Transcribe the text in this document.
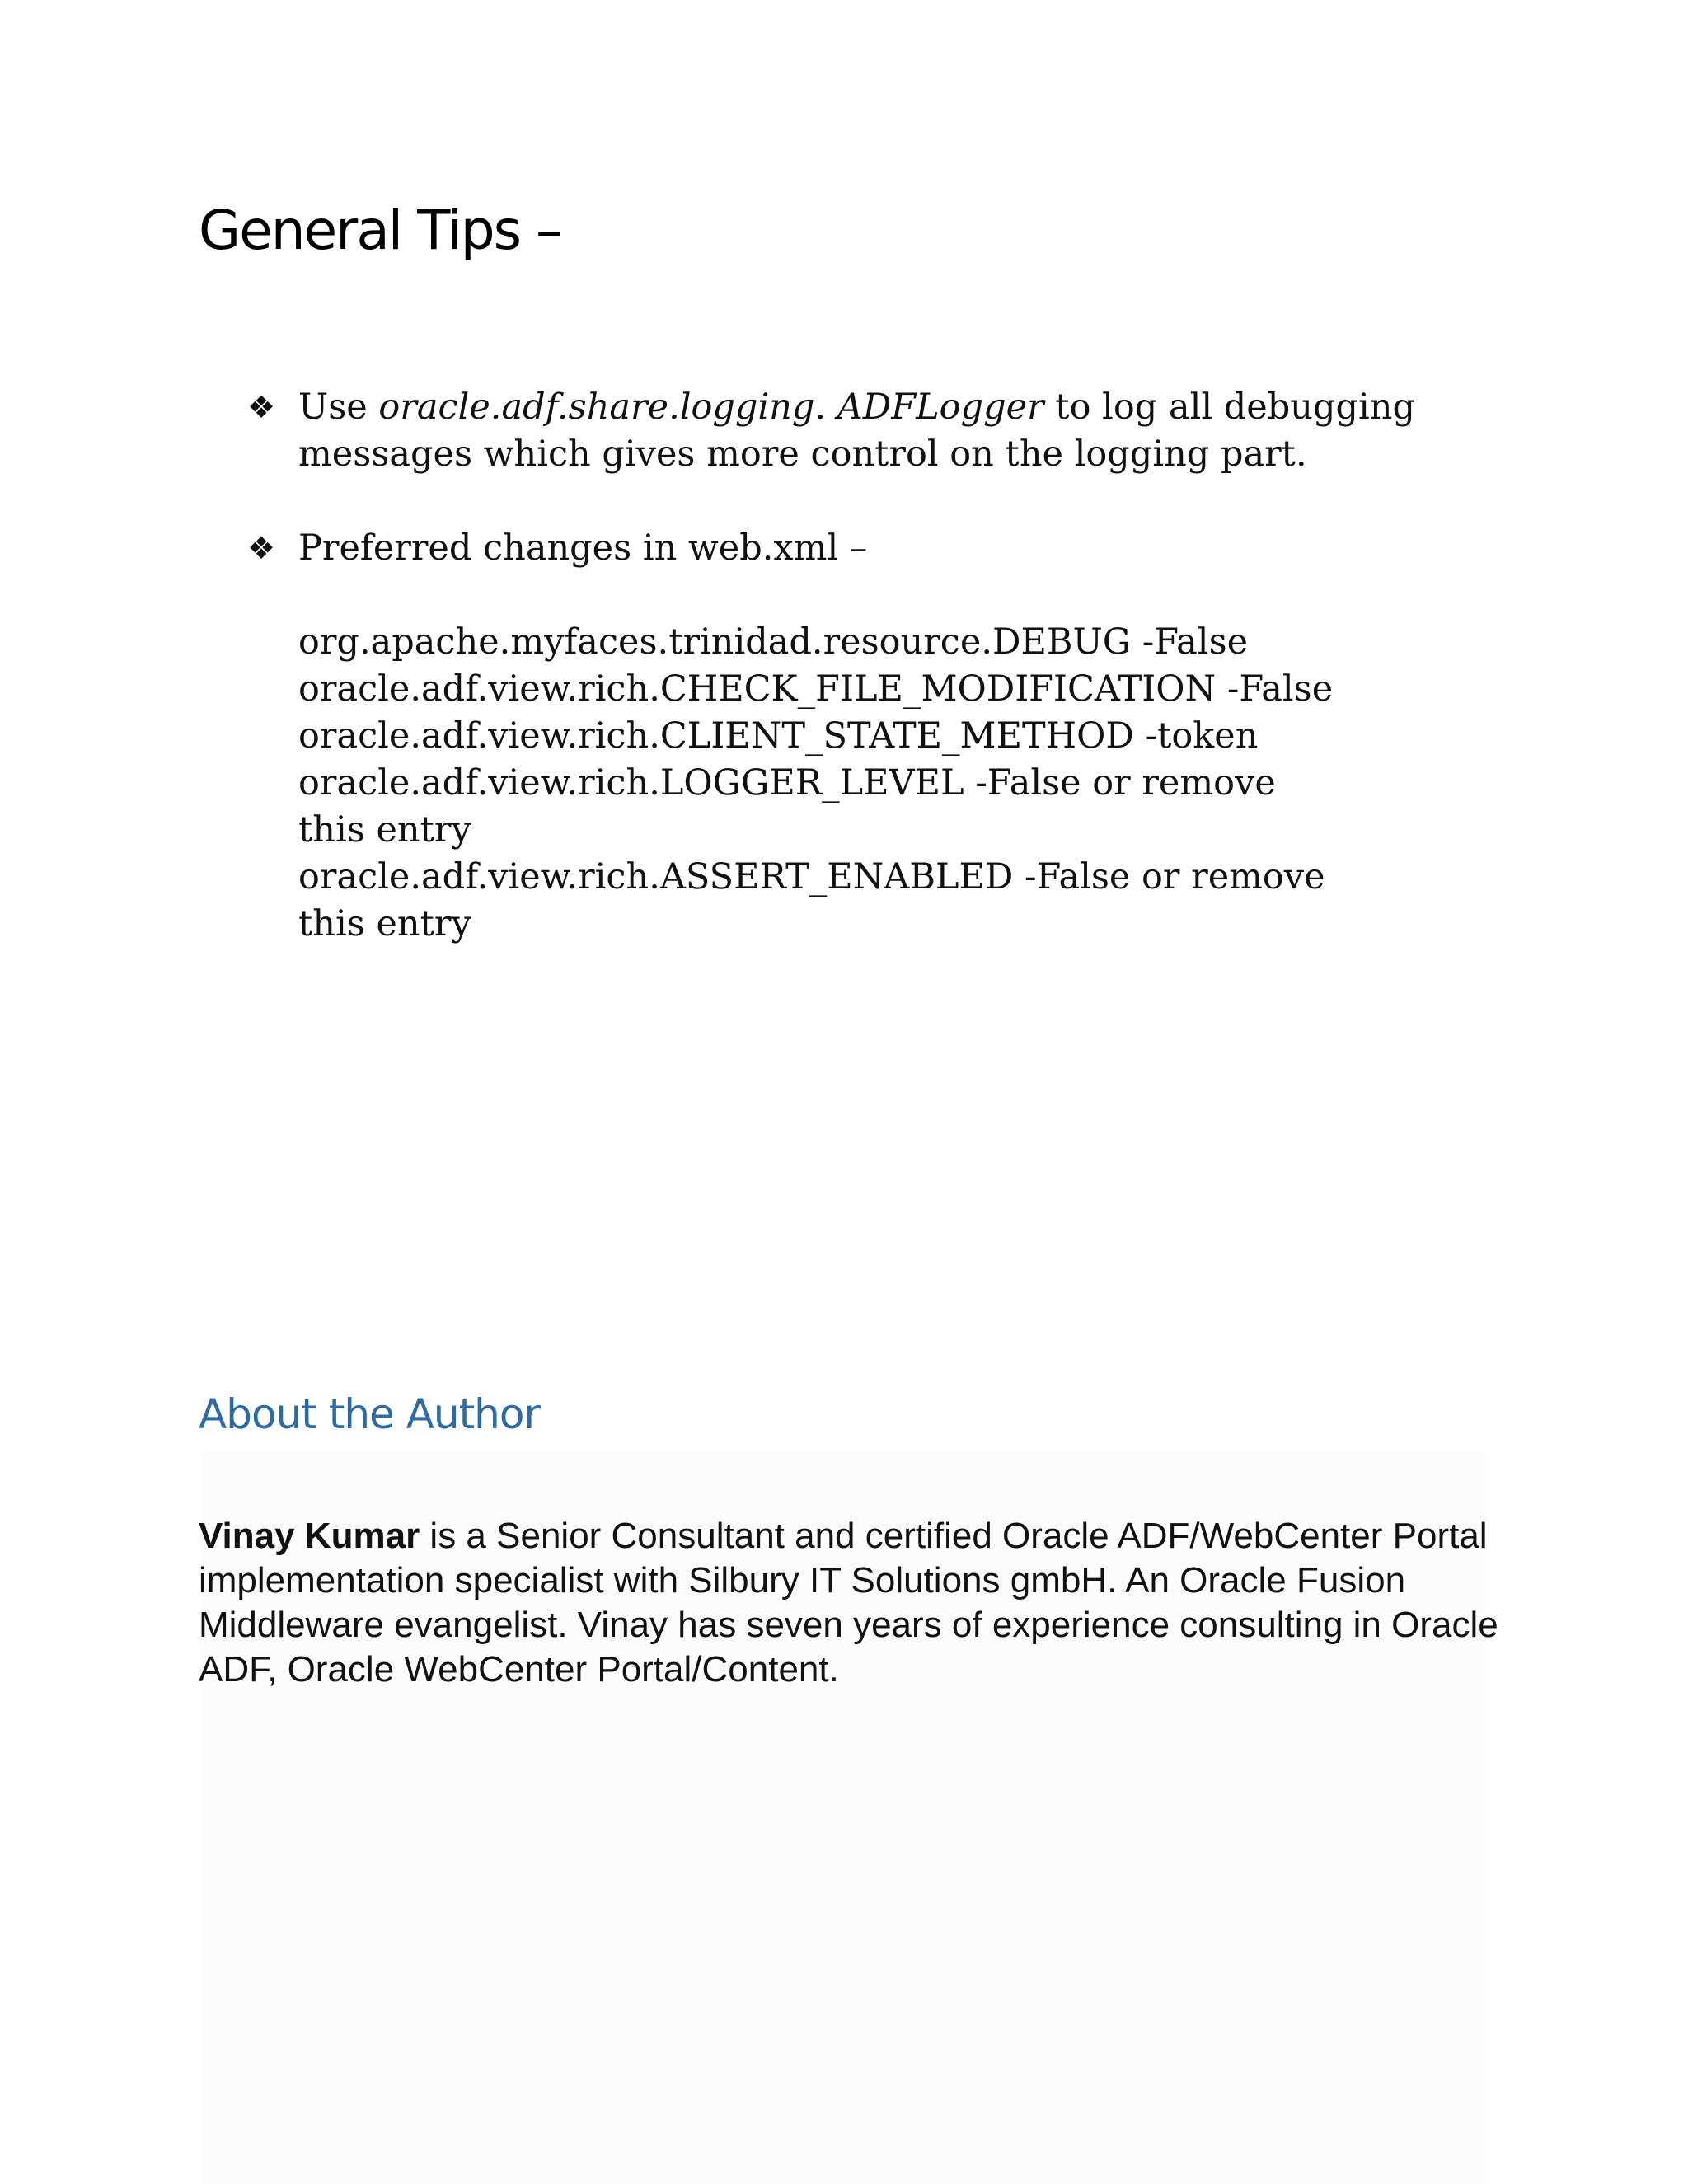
General Tips –
❖ Use oracle.adf.share.logging. ADFLogger to log all debugging messages which gives more control on the logging part.
❖ Preferred changes in web.xml –
org.apache.myfaces.trinidad.resource.DEBUG -False
oracle.adf.view.rich.CHECK_FILE_MODIFICATION -False
oracle.adf.view.rich.CLIENT_STATE_METHOD -token
oracle.adf.view.rich.LOGGER_LEVEL -False or remove
this entry
oracle.adf.view.rich.ASSERT_ENABLED -False or remove
this entry
About the Author

Vinay Kumar is a Senior Consultant and certified Oracle ADF/WebCenter Portal implementation specialist with Silbury IT Solutions gmbH. An Oracle Fusion Middleware evangelist. Vinay has seven years of experience consulting in Oracle ADF, Oracle WebCenter Portal/Content.
